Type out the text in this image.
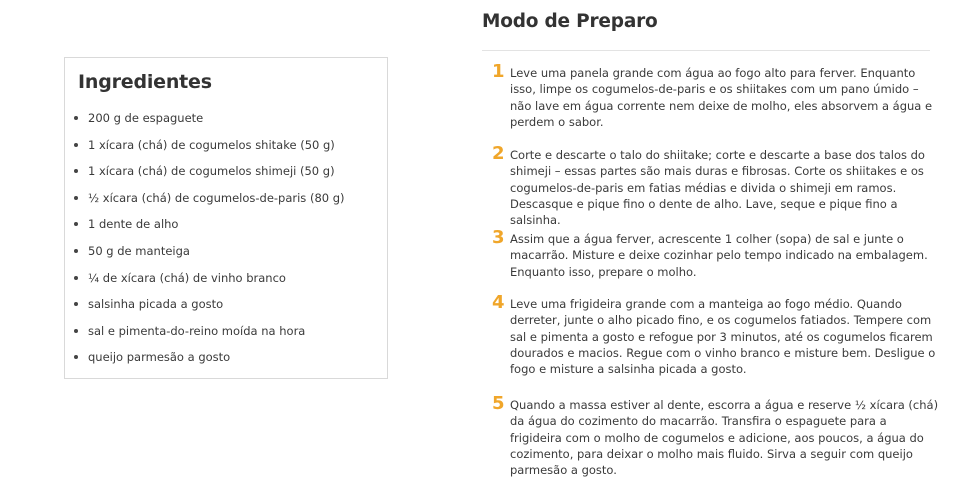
Ingredientes
200 g de espaguete
1 xícara (chá) de cogumelos shitake (50 g)
1 xícara (chá) de cogumelos shimeji (50 g)
½ xícara (chá) de cogumelos-de-paris (80 g)
1 dente de alho
50 g de manteiga
¼ de xícara (chá) de vinho branco
salsinha picada a gosto
sal e pimenta-do-reino moída na hora
queijo parmesão a gosto
Modo de Preparo
1 Leve uma panela grande com água ao fogo alto para ferver. Enquanto isso, limpe os cogumelos-de-paris e os shiitakes com um pano úmido – não lave em água corrente nem deixe de molho, eles absorvem a água e perdem o sabor.

2 Corte e descarte o talo do shiitake; corte e descarte a base dos talos do shimeji – essas partes são mais duras e fibrosas. Corte os shiitakes e os cogumelos-de-paris em fatias médias e divida o shimeji em ramos. Descasque e pique fino o dente de alho. Lave, seque e pique fino a salsinha.

3 Assim que a água ferver, acrescente 1 colher (sopa) de sal e junte o macarrão. Misture e deixe cozinhar pelo tempo indicado na embalagem. Enquanto isso, prepare o molho.

4 Leve uma frigideira grande com a manteiga ao fogo médio. Quando derreter, junte o alho picado fino, e os cogumelos fatiados. Tempere com sal e pimenta a gosto e refogue por 3 minutos, até os cogumelos ficarem dourados e macios. Regue com o vinho branco e misture bem. Desligue o fogo e misture a salsinha picada a gosto.

5 Quando a massa estiver al dente, escorra a água e reserve ½ xícara (chá) da água do cozimento do macarrão. Transfira o espaguete para a frigideira com o molho de cogumelos e adicione, aos poucos, a água do cozimento, para deixar o molho mais fluido. Sirva a seguir com queijo parmesão a gosto.
